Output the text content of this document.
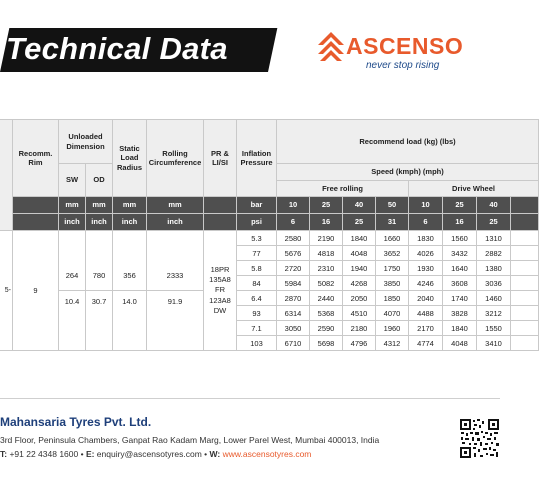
Technical Data	ASCENSO
never stop rising
	Recomm. Rim	Unloaded Dimension		Static Load Radius	Rolling Circumference	PR & LI/SI	Inflation Pressure	Recommend load (kg) (lbs)							
		SW	OD					Speed (kmph) (mph)							
								Free rolling				Drive Wheel			
		mm	mm	mm	mm		bar	10	25	40	50	10	25	40	
		inch	inch	inch	inch		psi	6	16	25	31	6	16	25	
5-	9	264	780	356	2333	18PR 135A8 FR 123A8 DW	5.3	2580	2190	1840	1660	1830	1560	1310	
							77	5676	4818	4048	3652	4026	3432	2882	
							5.8	2720	2310	1940	1750	1930	1640	1380	
							84	5984	5082	4268	3850	4246	3608	3036	
		10.4	30.7	14.0	91.9		6.4	2870	2440	2050	1850	2040	1740	1460	
							93	6314	5368	4510	4070	4488	3828	3212	
							7.1	3050	2590	2180	1960	2170	1840	1550	
							103	6710	5698	4796	4312	4774	4048	3410	
Mahansaria Tyres Pvt. Ltd.
3rd Floor, Peninsula Chambers, Ganpat Rao Kadam Marg, Lower Parel West, Mumbai 400013, India
T: +91 22 4348 1600 • E: enquiry@ascensotyres.com • W: www.ascensotyres.com
